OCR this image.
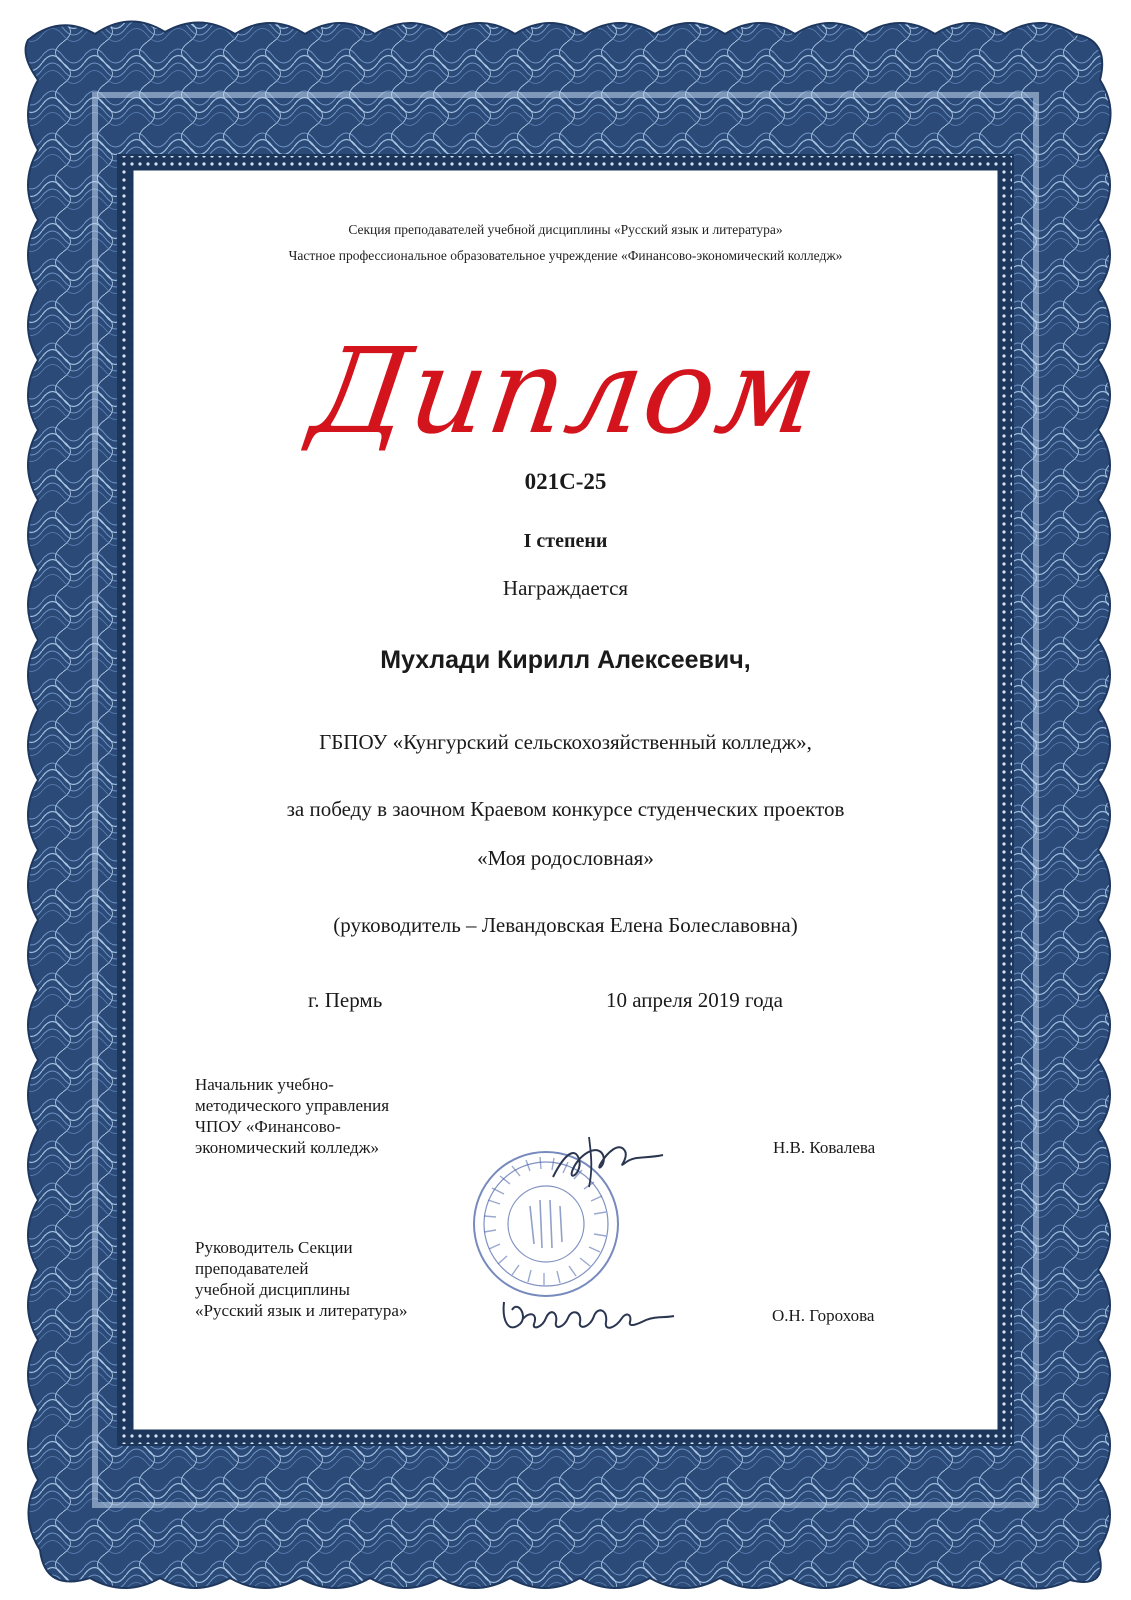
Секция преподавателей учебной дисциплины «Русский язык и литература»
Частное профессиональное образовательное учреждение «Финансово-экономический колледж»
Диплом
021С-25
I степени
Награждается
Мухлади Кирилл Алексеевич,
ГБПОУ «Кунгурский сельскохозяйственный колледж»,
за победу в заочном Краевом конкурсе студенческих проектов
«Моя родословная»
(руководитель – Левандовская Елена Болеславовна)
г. Пермь	10 апреля 2019 года
Начальник учебно-
методического управления
ЧПОУ «Финансово-
экономический колледж»	Н.В. Ковалева
Руководитель Секции
преподавателей
учебной дисциплины
«Русский язык и литература»	О.Н. Горохова
